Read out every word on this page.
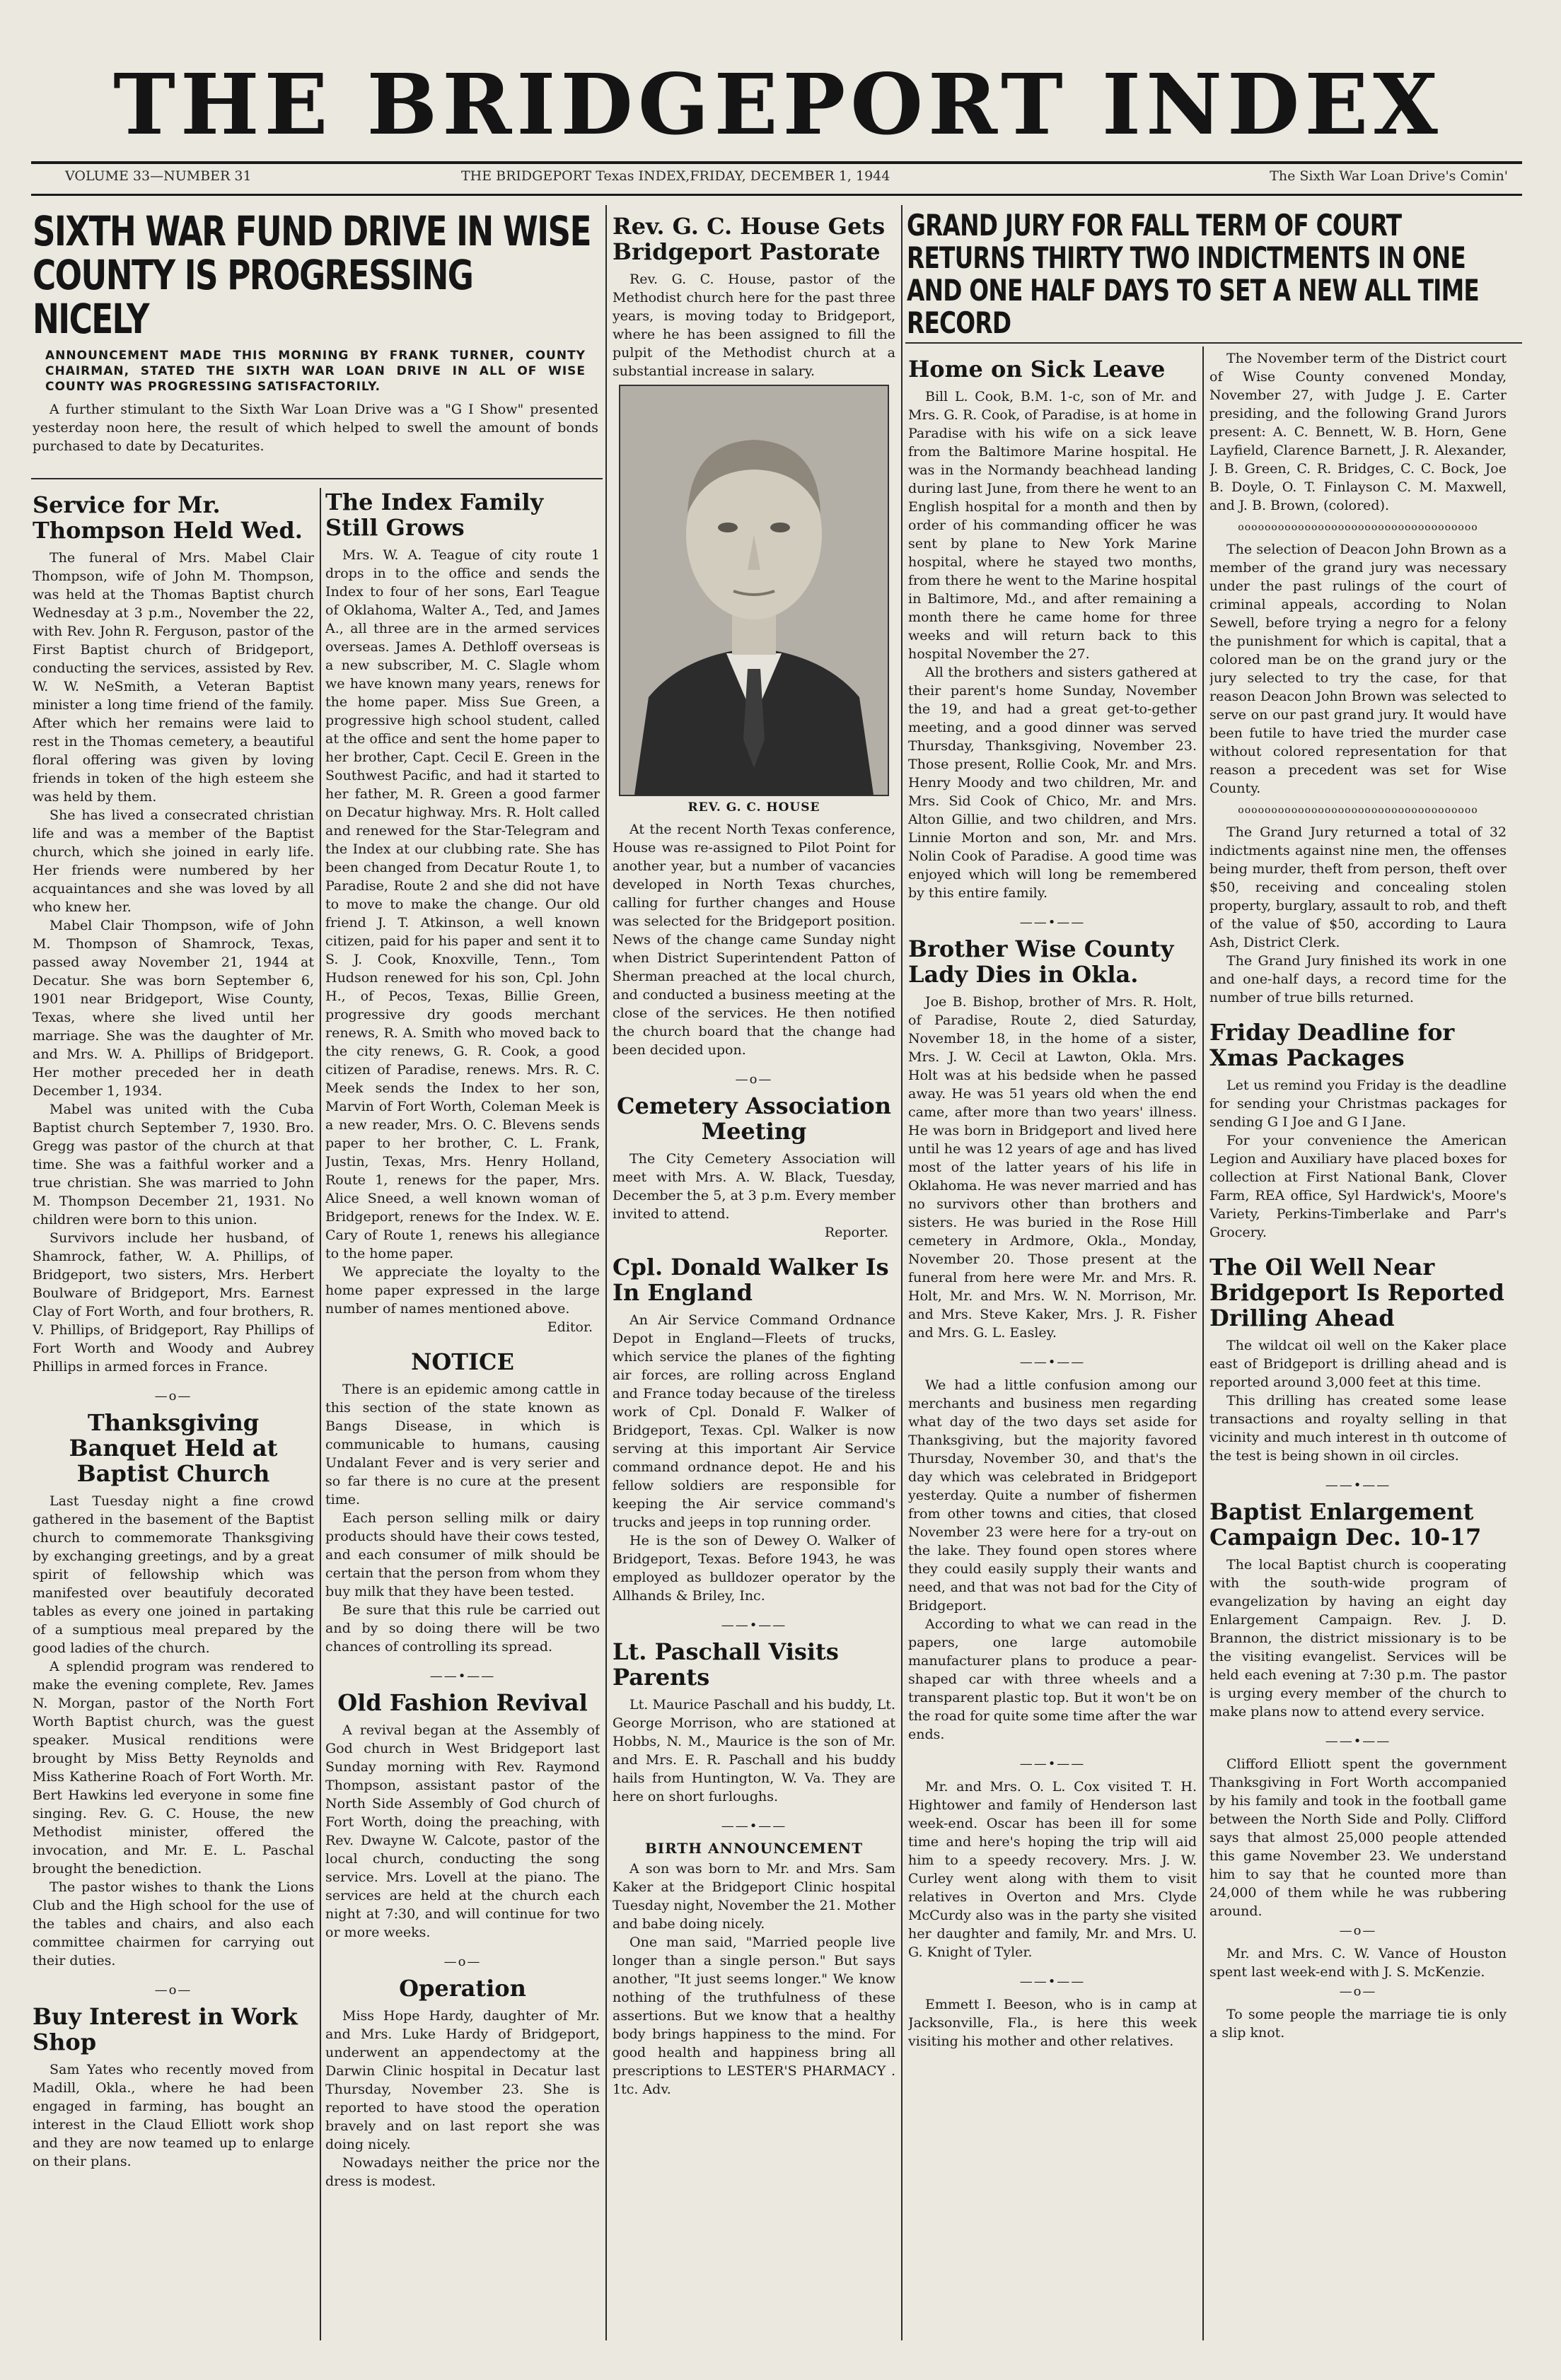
THE BRIDGEPORT INDEX
VOLUME 33—NUMBER 31	THE BRIDGEPORT Texas INDEX,FRIDAY, DECEMBER 1, 1944	The Sixth War Loan Drive's Comin'
SIXTH WAR FUND DRIVE IN WISE COUNTY IS PROGRESSING NICELY
ANNOUNCEMENT MADE THIS MORNING BY FRANK TURNER, COUNTY CHAIRMAN, STATED THE SIXTH WAR LOAN DRIVE IN ALL OF WISE COUNTY WAS PROGRESSING SATISFACTORILY.

A further stimulant to the Sixth War Loan Drive was a "G I Show" presented yesterday noon here, the result of which helped to swell the amount of bonds purchased to date by Decaturites.

Service for Mr. Thompson Held Wed.

The funeral of Mrs. Mabel Clair Thompson, wife of John M. Thompson, was held at the Thomas Baptist church Wednesday at 3 p.m., November the 22, with Rev. John R. Ferguson, pastor of the First Baptist church of Bridgeport, conducting the services, assisted by Rev. W. W. NeSmith, a Veteran Baptist minister a long time friend of the family. After which her remains were laid to rest in the Thomas cemetery, a beautiful floral offering was given by loving friends in token of the high esteem she was held by them.

She has lived a consecrated christian life and was a member of the Baptist church, which she joined in early life. Her friends were numbered by her acquaintances and she was loved by all who knew her.

Mabel Clair Thompson, wife of John M. Thompson of Shamrock, Texas, passed away November 21, 1944 at Decatur. She was born September 6, 1901 near Bridgeport, Wise County, Texas, where she lived until her marriage. She was the daughter of Mr. and Mrs. W. A. Phillips of Bridgeport. Her mother preceded her in death December 1, 1934.

Mabel was united with the Cuba Baptist church September 7, 1930. Bro. Gregg was pastor of the church at that time. She was a faithful worker and a true christian. She was married to John M. Thompson December 21, 1931. No children were born to this union.

Survivors include her husband, of Shamrock, father, W. A. Phillips, of Bridgeport, two sisters, Mrs. Herbert Boulware of Bridgeport, Mrs. Earnest Clay of Fort Worth, and four brothers, R. V. Phillips, of Bridgeport, Ray Phillips of Fort Worth and Woody and Aubrey Phillips in armed forces in France.

—o—
Thanksgiving Banquet Held at Baptist Church

Last Tuesday night a fine crowd gathered in the basement of the Baptist church to commemorate Thanksgiving by exchanging greetings, and by a great spirit of fellowship which was manifested over beautifuly decorated tables as every one joined in partaking of a sumptious meal prepared by the good ladies of the church.

A splendid program was rendered to make the evening complete, Rev. James N. Morgan, pastor of the North Fort Worth Baptist church, was the guest speaker. Musical renditions were brought by Miss Betty Reynolds and Miss Katherine Roach of Fort Worth. Mr. Bert Hawkins led everyone in some fine singing. Rev. G. C. House, the new Methodist minister, offered the invocation, and Mr. E. L. Paschal brought the benediction.

The pastor wishes to thank the Lions Club and the High school for the use of the tables and chairs, and also each committee chairmen for carrying out their duties.

—o—
Buy Interest in Work Shop

Sam Yates who recently moved from Madill, Okla., where he had been engaged in farming, has bought an interest in the Claud Elliott work shop and they are now teamed up to enlarge on their plans.

The Index Family Still Grows

Mrs. W. A. Teague of city route 1 drops in to the office and sends the Index to four of her sons, Earl Teague of Oklahoma, Walter A., Ted, and James A., all three are in the armed services overseas. James A. Dethloff overseas is a new subscriber, M. C. Slagle whom we have known many years, renews for the home paper. Miss Sue Green, a progressive high school student, called at the office and sent the home paper to her brother, Capt. Cecil E. Green in the Southwest Pacific, and had it started to her father, M. R. Green a good farmer on Decatur highway. Mrs. R. Holt called and renewed for the Star-Telegram and the Index at our clubbing rate. She has been changed from Decatur Route 1, to Paradise, Route 2 and she did not have to move to make the change. Our old friend J. T. Atkinson, a well known citizen, paid for his paper and sent it to S. J. Cook, Knoxville, Tenn., Tom Hudson renewed for his son, Cpl. John H., of Pecos, Texas, Billie Green, progressive dry goods merchant renews, R. A. Smith who moved back to the city renews, G. R. Cook, a good citizen of Paradise, renews. Mrs. R. C. Meek sends the Index to her son, Marvin of Fort Worth, Coleman Meek is a new reader, Mrs. O. C. Blevens sends paper to her brother, C. L. Frank, Justin, Texas, Mrs. Henry Holland, Route 1, renews for the paper, Mrs. Alice Sneed, a well known woman of Bridgeport, renews for the Index. W. E. Cary of Route 1, renews his allegiance to the home paper.

We appreciate the loyalty to the home paper expressed in the large number of names mentioned above.

Editor.
NOTICE

There is an epidemic among cattle in this section of the state known as Bangs Disease, in which is communicable to humans, causing Undalant Fever and is very serier and so far there is no cure at the present time.

Each person selling milk or dairy products should have their cows tested, and each consumer of milk should be certain that the person from whom they buy milk that they have been tested.

Be sure that this rule be carried out and by so doing there will be two chances of controlling its spread.

——•——
Old Fashion Revival

A revival began at the Assembly of God church in West Bridgeport last Sunday morning with Rev. Raymond Thompson, assistant pastor of the North Side Assembly of God church of Fort Worth, doing the preaching, with Rev. Dwayne W. Calcote, pastor of the local church, conducting the song service. Mrs. Lovell at the piano. The services are held at the church each night at 7:30, and will continue for two or more weeks.

—o—
Operation

Miss Hope Hardy, daughter of Mr. and Mrs. Luke Hardy of Bridgeport, underwent an appendectomy at the Darwin Clinic hospital in Decatur last Thursday, November 23. She is reported to have stood the operation bravely and on last report she was doing nicely.

Nowadays neither the price nor the dress is modest.

Rev. G. C. House Gets Bridgeport Pastorate

Rev. G. C. House, pastor of the Methodist church here for the past three years, is moving today to Bridgeport, where he has been assigned to fill the pulpit of the Methodist church at a substantial increase in salary.

REV. G. C. HOUSE

At the recent North Texas conference, House was re-assigned to Pilot Point for another year, but a number of vacancies developed in North Texas churches, calling for further changes and House was selected for the Bridgeport position. News of the change came Sunday night when District Superintendent Patton of Sherman preached at the local church, and conducted a business meeting at the close of the services. He then notified the church board that the change had been decided upon.

—o—
Cemetery Association Meeting

The City Cemetery Association will meet with Mrs. A. W. Black, Tuesday, December the 5, at 3 p.m. Every member invited to attend.

Reporter.
Cpl. Donald Walker Is In England

An Air Service Command Ordnance Depot in England—Fleets of trucks, which service the planes of the fighting air forces, are rolling across England and France today because of the tireless work of Cpl. Donald F. Walker of Bridgeport, Texas. Cpl. Walker is now serving at this important Air Service command ordnance depot. He and his fellow soldiers are responsible for keeping the Air service command's trucks and jeeps in top running order.

He is the son of Dewey O. Walker of Bridgeport, Texas. Before 1943, he was employed as bulldozer operator by the Allhands & Briley, Inc.

——•——
Lt. Paschall Visits Parents

Lt. Maurice Paschall and his buddy, Lt. George Morrison, who are stationed at Hobbs, N. M., Maurice is the son of Mr. and Mrs. E. R. Paschall and his buddy hails from Huntington, W. Va. They are here on short furloughs.

——•——
BIRTH ANNOUNCEMENT

A son was born to Mr. and Mrs. Sam Kaker at the Bridgeport Clinic hospital Tuesday night, November the 21. Mother and babe doing nicely.

One man said, "Married people live longer than a single person." But says another, "It just seems longer." We know nothing of the truthfulness of these assertions. But we know that a healthy body brings happiness to the mind. For good health and happiness bring all prescriptions to LESTER'S PHARMACY . 1tc. Adv.

GRAND JURY FOR FALL TERM OF COURT RETURNS THIRTY TWO INDICTMENTS IN ONE AND ONE HALF DAYS TO SET A NEW ALL TIME RECORD
Home on Sick Leave

Bill L. Cook, B.M. 1-c, son of Mr. and Mrs. G. R. Cook, of Paradise, is at home in Paradise with his wife on a sick leave from the Baltimore Marine hospital. He was in the Normandy beachhead landing during last June, from there he went to an English hospital for a month and then by order of his commanding officer he was sent by plane to New York Marine hospital, where he stayed two months, from there he went to the Marine hospital in Baltimore, Md., and after remaining a month there he came home for three weeks and will return back to this hospital November the 27.

All the brothers and sisters gathered at their parent's home Sunday, November the 19, and had a great get-to-gether meeting, and a good dinner was served Thursday, Thanksgiving, November 23. Those present, Rollie Cook, Mr. and Mrs. Henry Moody and two children, Mr. and Mrs. Sid Cook of Chico, Mr. and Mrs. Alton Gillie, and two children, and Mrs. Linnie Morton and son, Mr. and Mrs. Nolin Cook of Paradise. A good time was enjoyed which will long be remembered by this entire family.

——•——
Brother Wise County Lady Dies in Okla.

Joe B. Bishop, brother of Mrs. R. Holt, of Paradise, Route 2, died Saturday, November 18, in the home of a sister, Mrs. J. W. Cecil at Lawton, Okla. Mrs. Holt was at his bedside when he passed away. He was 51 years old when the end came, after more than two years' illness. He was born in Bridgeport and lived here until he was 12 years of age and has lived most of the latter years of his life in Oklahoma. He was never married and has no survivors other than brothers and sisters. He was buried in the Rose Hill cemetery in Ardmore, Okla., Monday, November 20. Those present at the funeral from here were Mr. and Mrs. R. Holt, Mr. and Mrs. W. N. Morrison, Mr. and Mrs. Steve Kaker, Mrs. J. R. Fisher and Mrs. G. L. Easley.

——•——

We had a little confusion among our merchants and business men regarding what day of the two days set aside for Thanksgiving, but the majority favored Thursday, November 30, and that's the day which was celebrated in Bridgeport yesterday. Quite a number of fishermen from other towns and cities, that closed November 23 were here for a try-out on the lake. They found open stores where they could easily supply their wants and need, and that was not bad for the City of Bridgeport.

According to what we can read in the papers, one large automobile manufacturer plans to produce a pear-shaped car with three wheels and a transparent plastic top. But it won't be on the road for quite some time after the war ends.

——•——

Mr. and Mrs. O. L. Cox visited T. H. Hightower and family of Henderson last week-end. Oscar has been ill for some time and here's hoping the trip will aid him to a speedy recovery. Mrs. J. W. Curley went along with them to visit relatives in Overton and Mrs. Clyde McCurdy also was in the party she visited her daughter and family, Mr. and Mrs. U. G. Knight of Tyler.

——•——

Emmett I. Beeson, who is in camp at Jacksonville, Fla., is here this week visiting his mother and other relatives.

The November term of the District court of Wise County convened Monday, November 27, with Judge J. E. Carter presiding, and the following Grand Jurors present: A. C. Bennett, W. B. Horn, Gene Layfield, Clarence Barnett, J. R. Alexander, J. B. Green, C. R. Bridges, C. C. Bock, Joe B. Doyle, O. T. Finlayson C. M. Maxwell, and J. B. Brown, (colored).

oooooooooooooooooooooooooooooooooooo

The selection of Deacon John Brown as a member of the grand jury was necessary under the past rulings of the court of criminal appeals, according to Nolan Sewell, before trying a negro for a felony the punishment for which is capital, that a colored man be on the grand jury or the jury selected to try the case, for that reason Deacon John Brown was selected to serve on our past grand jury. It would have been futile to have tried the murder case without colored representation for that reason a precedent was set for Wise County.

oooooooooooooooooooooooooooooooooooo

The Grand Jury returned a total of 32 indictments against nine men, the offenses being murder, theft from person, theft over $50, receiving and concealing stolen property, burglary, assault to rob, and theft of the value of $50, according to Laura Ash, District Clerk.

The Grand Jury finished its work in one and one-half days, a record time for the number of true bills returned.

Friday Deadline for Xmas Packages

Let us remind you Friday is the deadline for sending your Christmas packages for sending G I Joe and G I Jane.

For your convenience the American Legion and Auxiliary have placed boxes for collection at First National Bank, Clover Farm, REA office, Syl Hardwick's, Moore's Variety, Perkins-Timberlake and Parr's Grocery.

The Oil Well Near Bridgeport Is Reported Drilling Ahead

The wildcat oil well on the Kaker place east of Bridgeport is drilling ahead and is reported around 3,000 feet at this time.

This drilling has created some lease transactions and royalty selling in that vicinity and much interest in th outcome of the test is being shown in oil circles.

——•——
Baptist Enlargement Campaign Dec. 10-17

The local Baptist church is cooperating with the south-wide program of evangelization by having an eight day Enlargement Campaign. Rev. J. D. Brannon, the district missionary is to be the visiting evangelist. Services will be held each evening at 7:30 p.m. The pastor is urging every member of the church to make plans now to attend every service.

——•——

Clifford Elliott spent the government Thanksgiving in Fort Worth accompanied by his family and took in the football game between the North Side and Polly. Clifford says that almost 25,000 people attended this game November 23. We understand him to say that he counted more than 24,000 of them while he was rubbering around.

—o—

Mr. and Mrs. C. W. Vance of Houston spent last week-end with J. S. McKenzie.

—o—

To some people the marriage tie is only a slip knot.
